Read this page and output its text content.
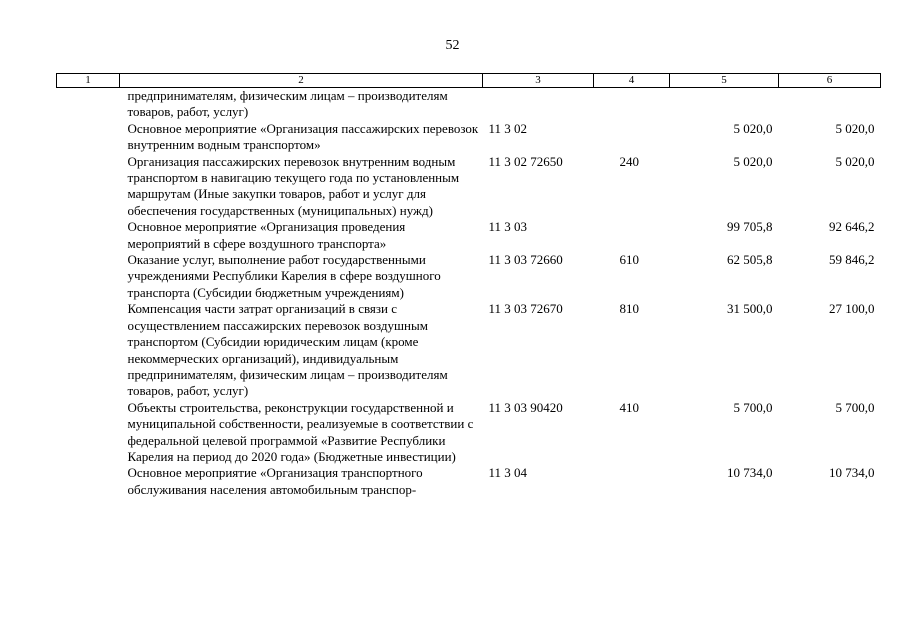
52
1	2	3	4	5	6
	предпринимателям, физическим лицам – производителям товаров, работ, услуг)				
	Основное мероприятие «Организация пассажирских перевозок внутренним водным транспортом»	11 3 02		5 020,0	5 020,0
	Организация пассажирских перевозок внутренним водным транспортом в навигацию текущего года по установленным маршрутам (Иные закупки товаров, работ и услуг для обеспечения государственных (муниципальных) нужд)	11 3 02 72650	240	5 020,0	5 020,0
	Основное мероприятие «Организация проведения мероприятий в сфере воздушного транспорта»	11 3 03		99 705,8	92 646,2
	Оказание услуг, выполнение работ государственными учреждениями Республики Карелия в сфере воздушного транспорта (Субсидии бюджетным учреждениям)	11 3 03 72660	610	62 505,8	59 846,2
	Компенсация части затрат организаций в связи с осуществлением пассажирских перевозок воздушным транспортом (Субсидии юридическим лицам (кроме некоммерческих организаций), индивидуальным предпринимателям, физическим лицам – производителям товаров, работ, услуг)	11 3 03 72670	810	31 500,0	27 100,0
	Объекты строительства, реконструкции государственной и муниципальной собственности, реализуемые в соответствии с федеральной целевой программой «Развитие Республики Карелия на период до 2020 года» (Бюджетные инвестиции)	11 3 03 90420	410	5 700,0	5 700,0
	Основное мероприятие «Организация транспортного обслуживания населения автомобильным транспор-	11 3 04		10 734,0	10 734,0
